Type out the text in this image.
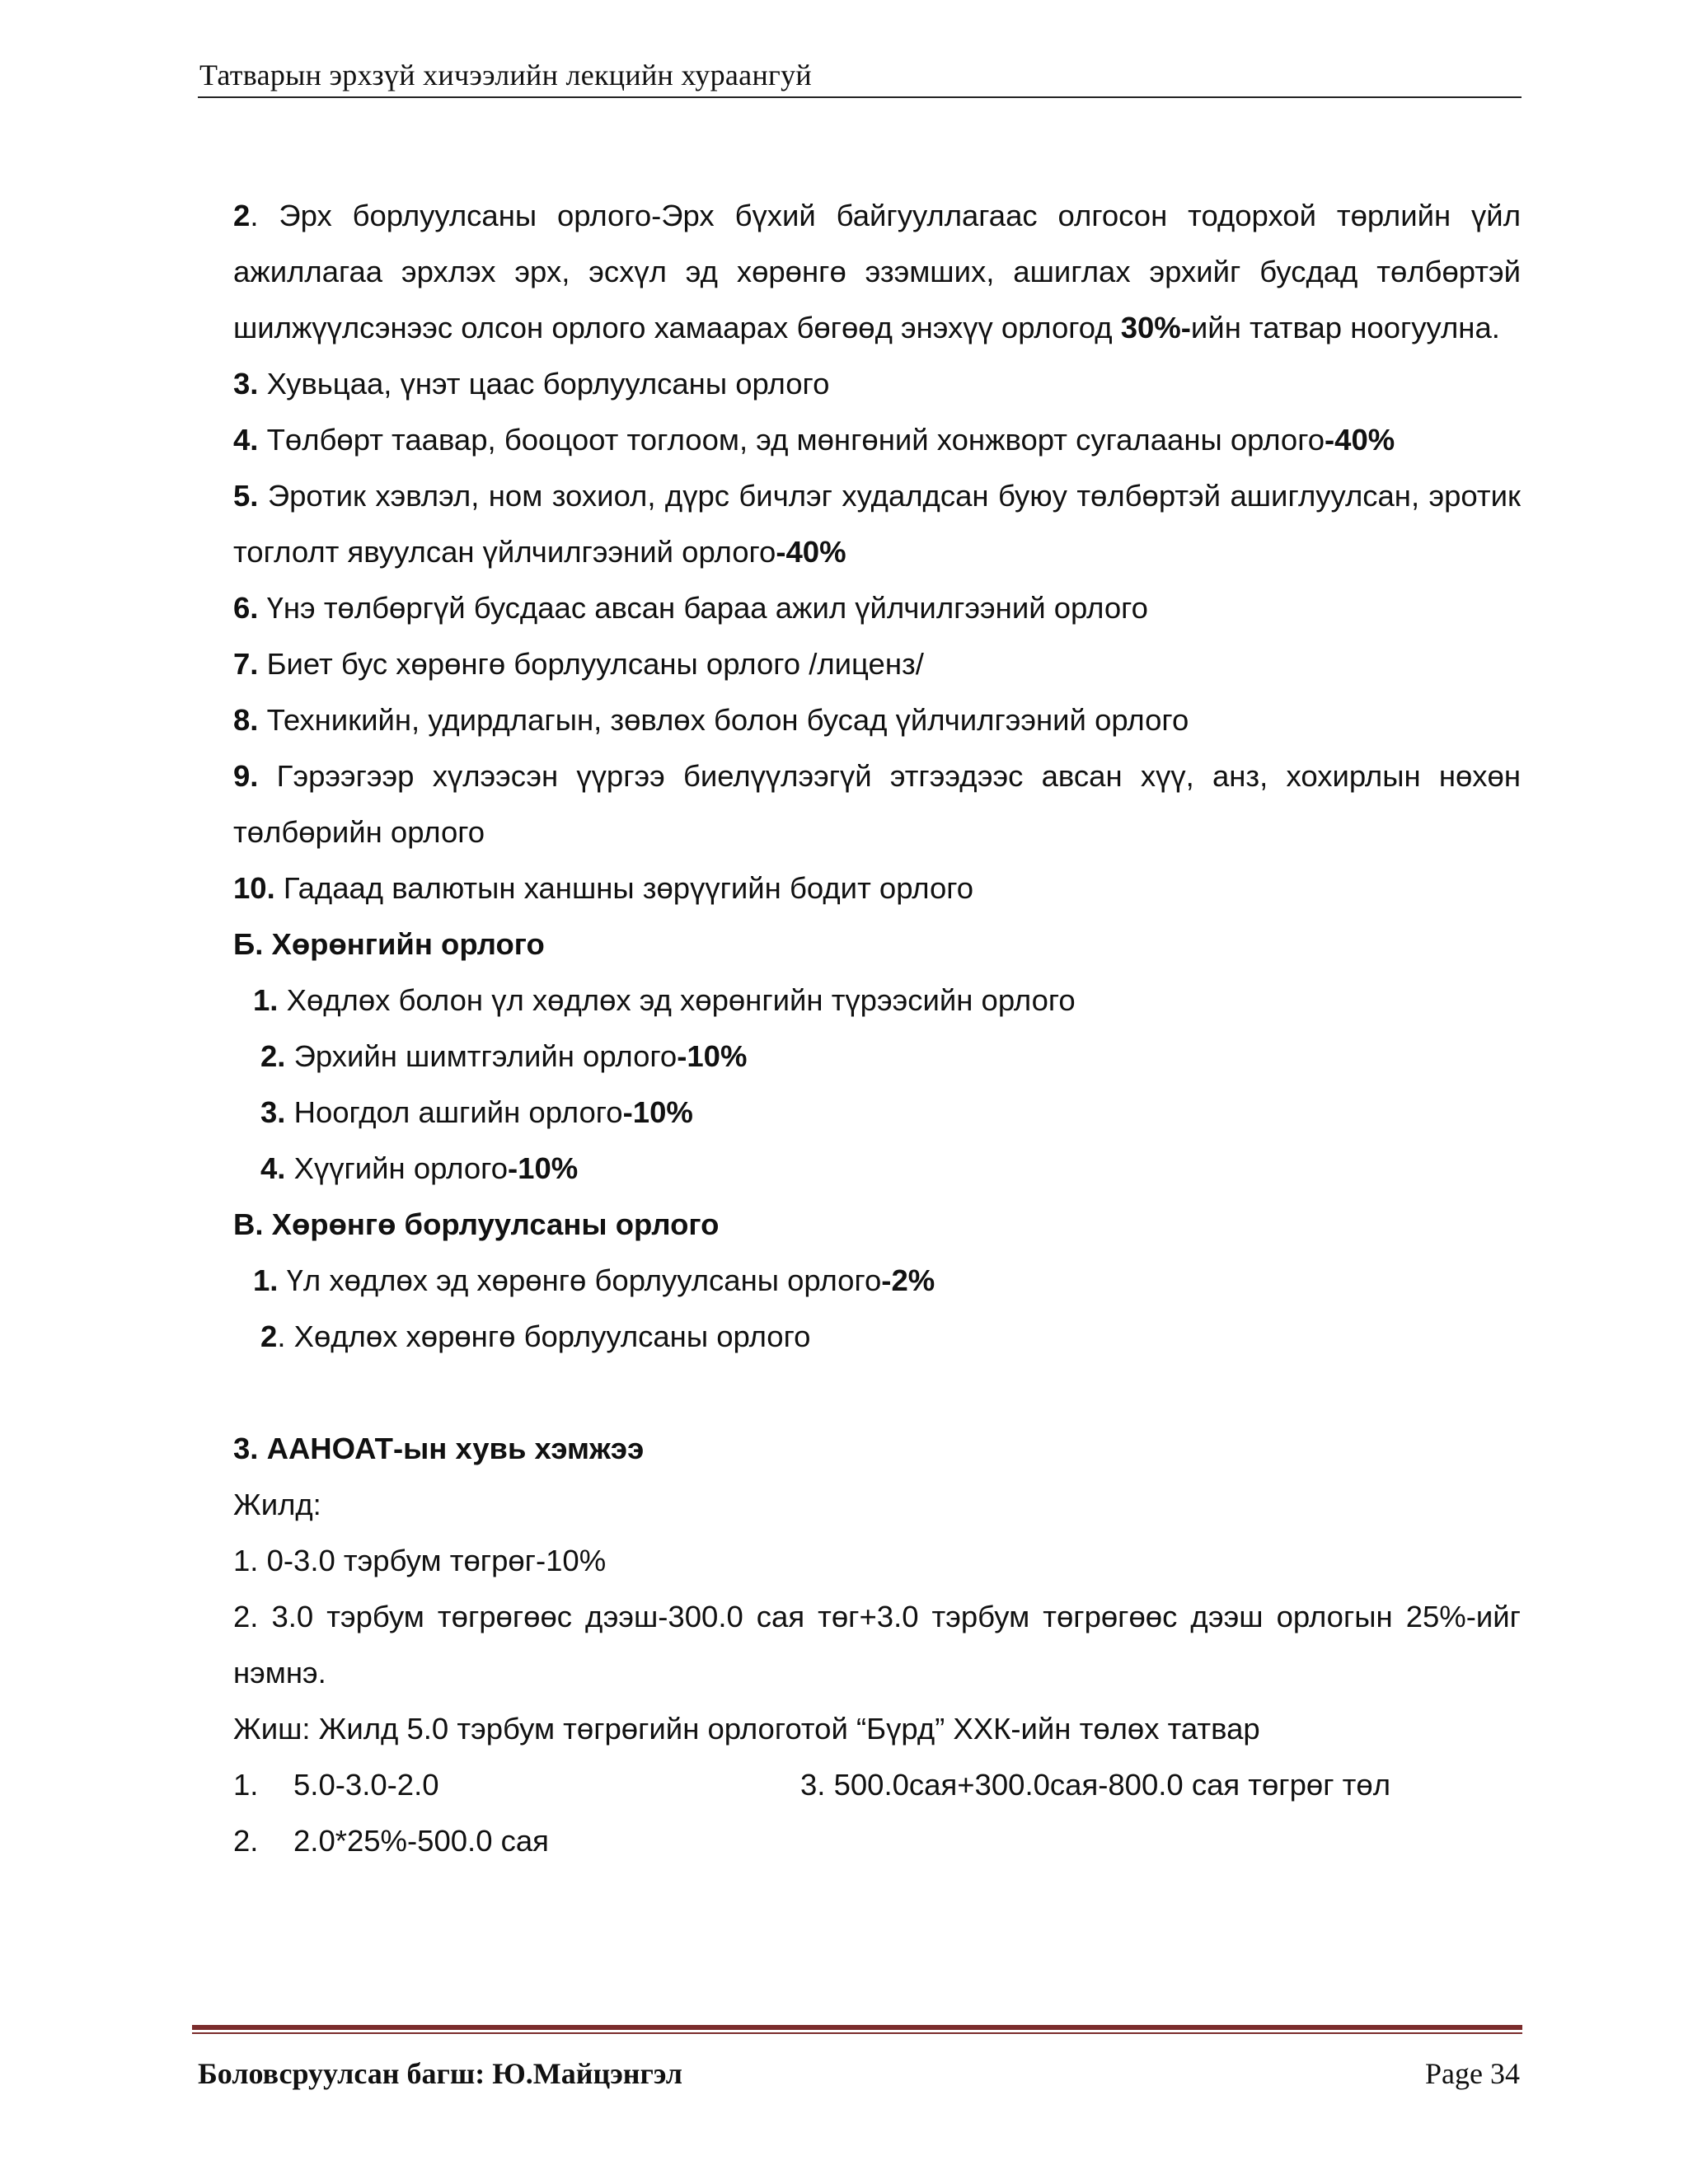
Татварын эрхзүй хичээлийн лекцийн хураангуй

2. Эрх борлуулсаны орлого-Эрх бүхий байгууллагаас олгосон тодорхой төрлийн үйл ажиллагаа эрхлэх эрх, эсхүл эд хөрөнгө эзэмших, ашиглах эрхийг бусдад төлбөртэй шилжүүлсэнээс олсон орлого хамаарах бөгөөд энэхүү орлогод 30%-ийн татвар ноогуулна.

3. Хувьцаа, үнэт цаас борлуулсаны орлого

4. Төлбөрт таавар, бооцоот тоглоом, эд мөнгөний хонжворт сугалааны орлого-40%

5. Эротик хэвлэл, ном зохиол, дүрс бичлэг худалдсан буюу төлбөртэй ашиглуулсан, эротик тоглолт явуулсан үйлчилгээний орлого-40%

6. Үнэ төлбөргүй бусдаас авсан бараа ажил үйлчилгээний орлого

7. Биет бус хөрөнгө борлуулсаны орлого /лиценз/

8. Техникийн, удирдлагын, зөвлөх болон бусад үйлчилгээний орлого

9. Гэрээгээр хүлээсэн үүргээ биелүүлээгүй этгээдээс авсан хүү, анз, хохирлын нөхөн төлбөрийн орлого

10. Гадаад валютын ханшны зөрүүгийн бодит орлого

Б. Хөрөнгийн орлого

1. Хөдлөх болон үл хөдлөх эд хөрөнгийн түрээсийн орлого

2. Эрхийн шимтгэлийн орлого-10%

3. Ноогдол ашгийн орлого-10%

4. Хүүгийн орлого-10%

В. Хөрөнгө борлуулсаны орлого

1. Үл хөдлөх эд хөрөнгө борлуулсаны орлого-2%

2. Хөдлөх хөрөнгө борлуулсаны орлого

3. ААНОАТ-ын хувь хэмжээ

Жилд:

1. 0-3.0 тэрбум төгрөг-10%

2. 3.0 тэрбум төгрөгөөс дээш-300.0 сая төг+3.0 тэрбум төгрөгөөс дээш орлогын 25%-ийг нэмнэ.

Жиш: Жилд 5.0 тэрбум төгрөгийн орлоготой “Бүрд” ХХК-ийн төлөх татвар

1.	5.0-3.0-2.0	3. 500.0сая+300.0сая-800.0 сая төгрөг төл
2.	2.0*25%-500.0 сая
Боловсруулсан багш: Ю.Майцэнгэл	Page 34
